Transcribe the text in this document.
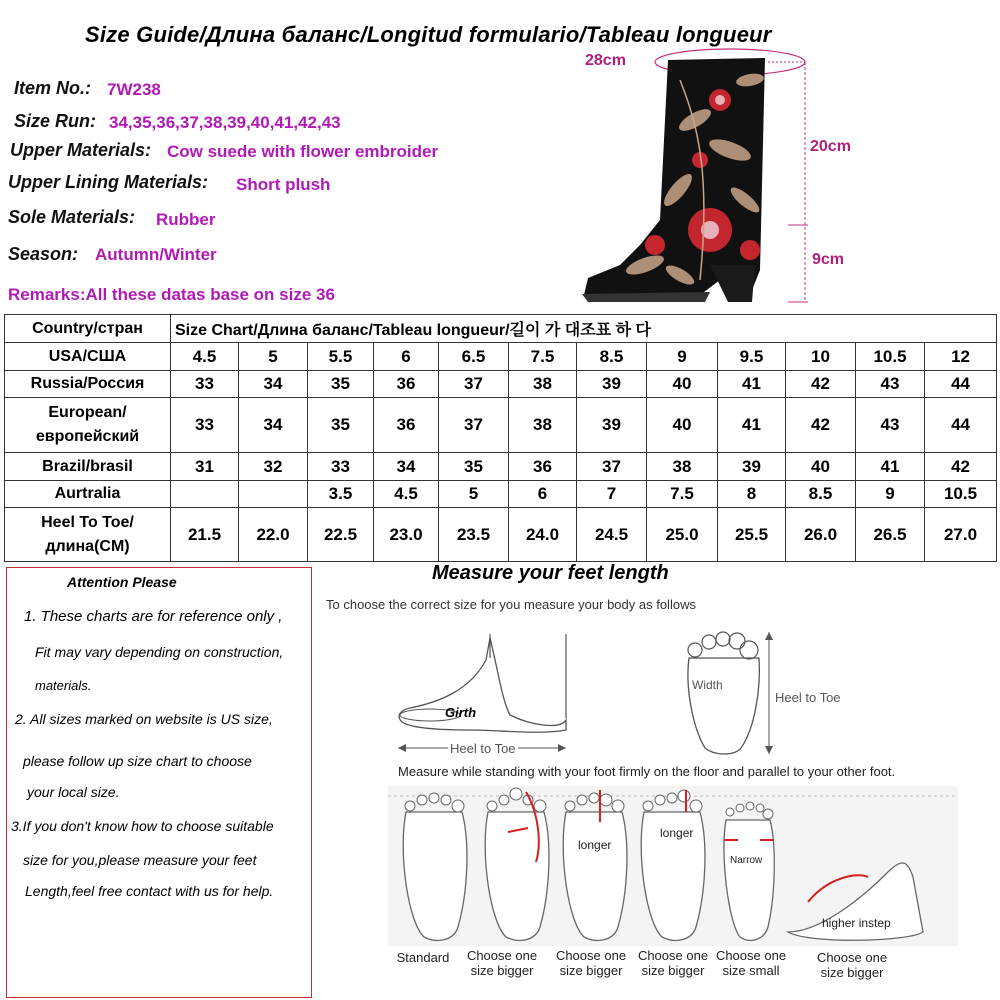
Size Guide/Длина баланс/Longitud formulario/Tableau longueur
Item No.: 7W238
Size Run: 34,35,36,37,38,39,40,41,42,43
Upper Materials: Cow suede with flower embroider
Upper Lining Materials: Short plush
Sole Materials: Rubber
Season: Autumn/Winter
Remarks:All these datas base on size 36
28cm
20cm
9cm
Country/стран	Size Chart/Длина баланс/Tableau longueur/길이 가 대조표 하 다											
USA/США	4.5	5	5.5	6	6.5	7.5	8.5	9	9.5	10	10.5	12
Russia/Россия	33	34	35	36	37	38	39	40	41	42	43	44
European/европейский	33	34	35	36	37	38	39	40	41	42	43	44
Brazil/brasil	31	32	33	34	35	36	37	38	39	40	41	42
Aurtralia			3.5	4.5	5	6	7	7.5	8	8.5	9	10.5
Heel To Toe/длина(CM)	21.5	22.0	22.5	23.0	23.5	24.0	24.5	25.0	25.5	26.0	26.5	27.0
Attention Please
1. These charts are for reference only ,
Fit may vary depending on construction,
materials.
2. All sizes marked on website is US size,
please follow up size chart to choose
your local size.
3.If you don't know how to choose suitable
size for you,please measure your feet
Length,feel free contact with us for help.
Measure your feet length
To choose the correct size for you measure your body as follows
Girth
Heel to Toe
Width
Heel to Toe
Measure while standing with your foot firmly on the floor and parallel to your other foot.
longer
longer
Narrow
higher instep
Standard	Choose one size bigger
Choose one size bigger
Choose one size bigger
Choose one size small
Choose one size bigger
